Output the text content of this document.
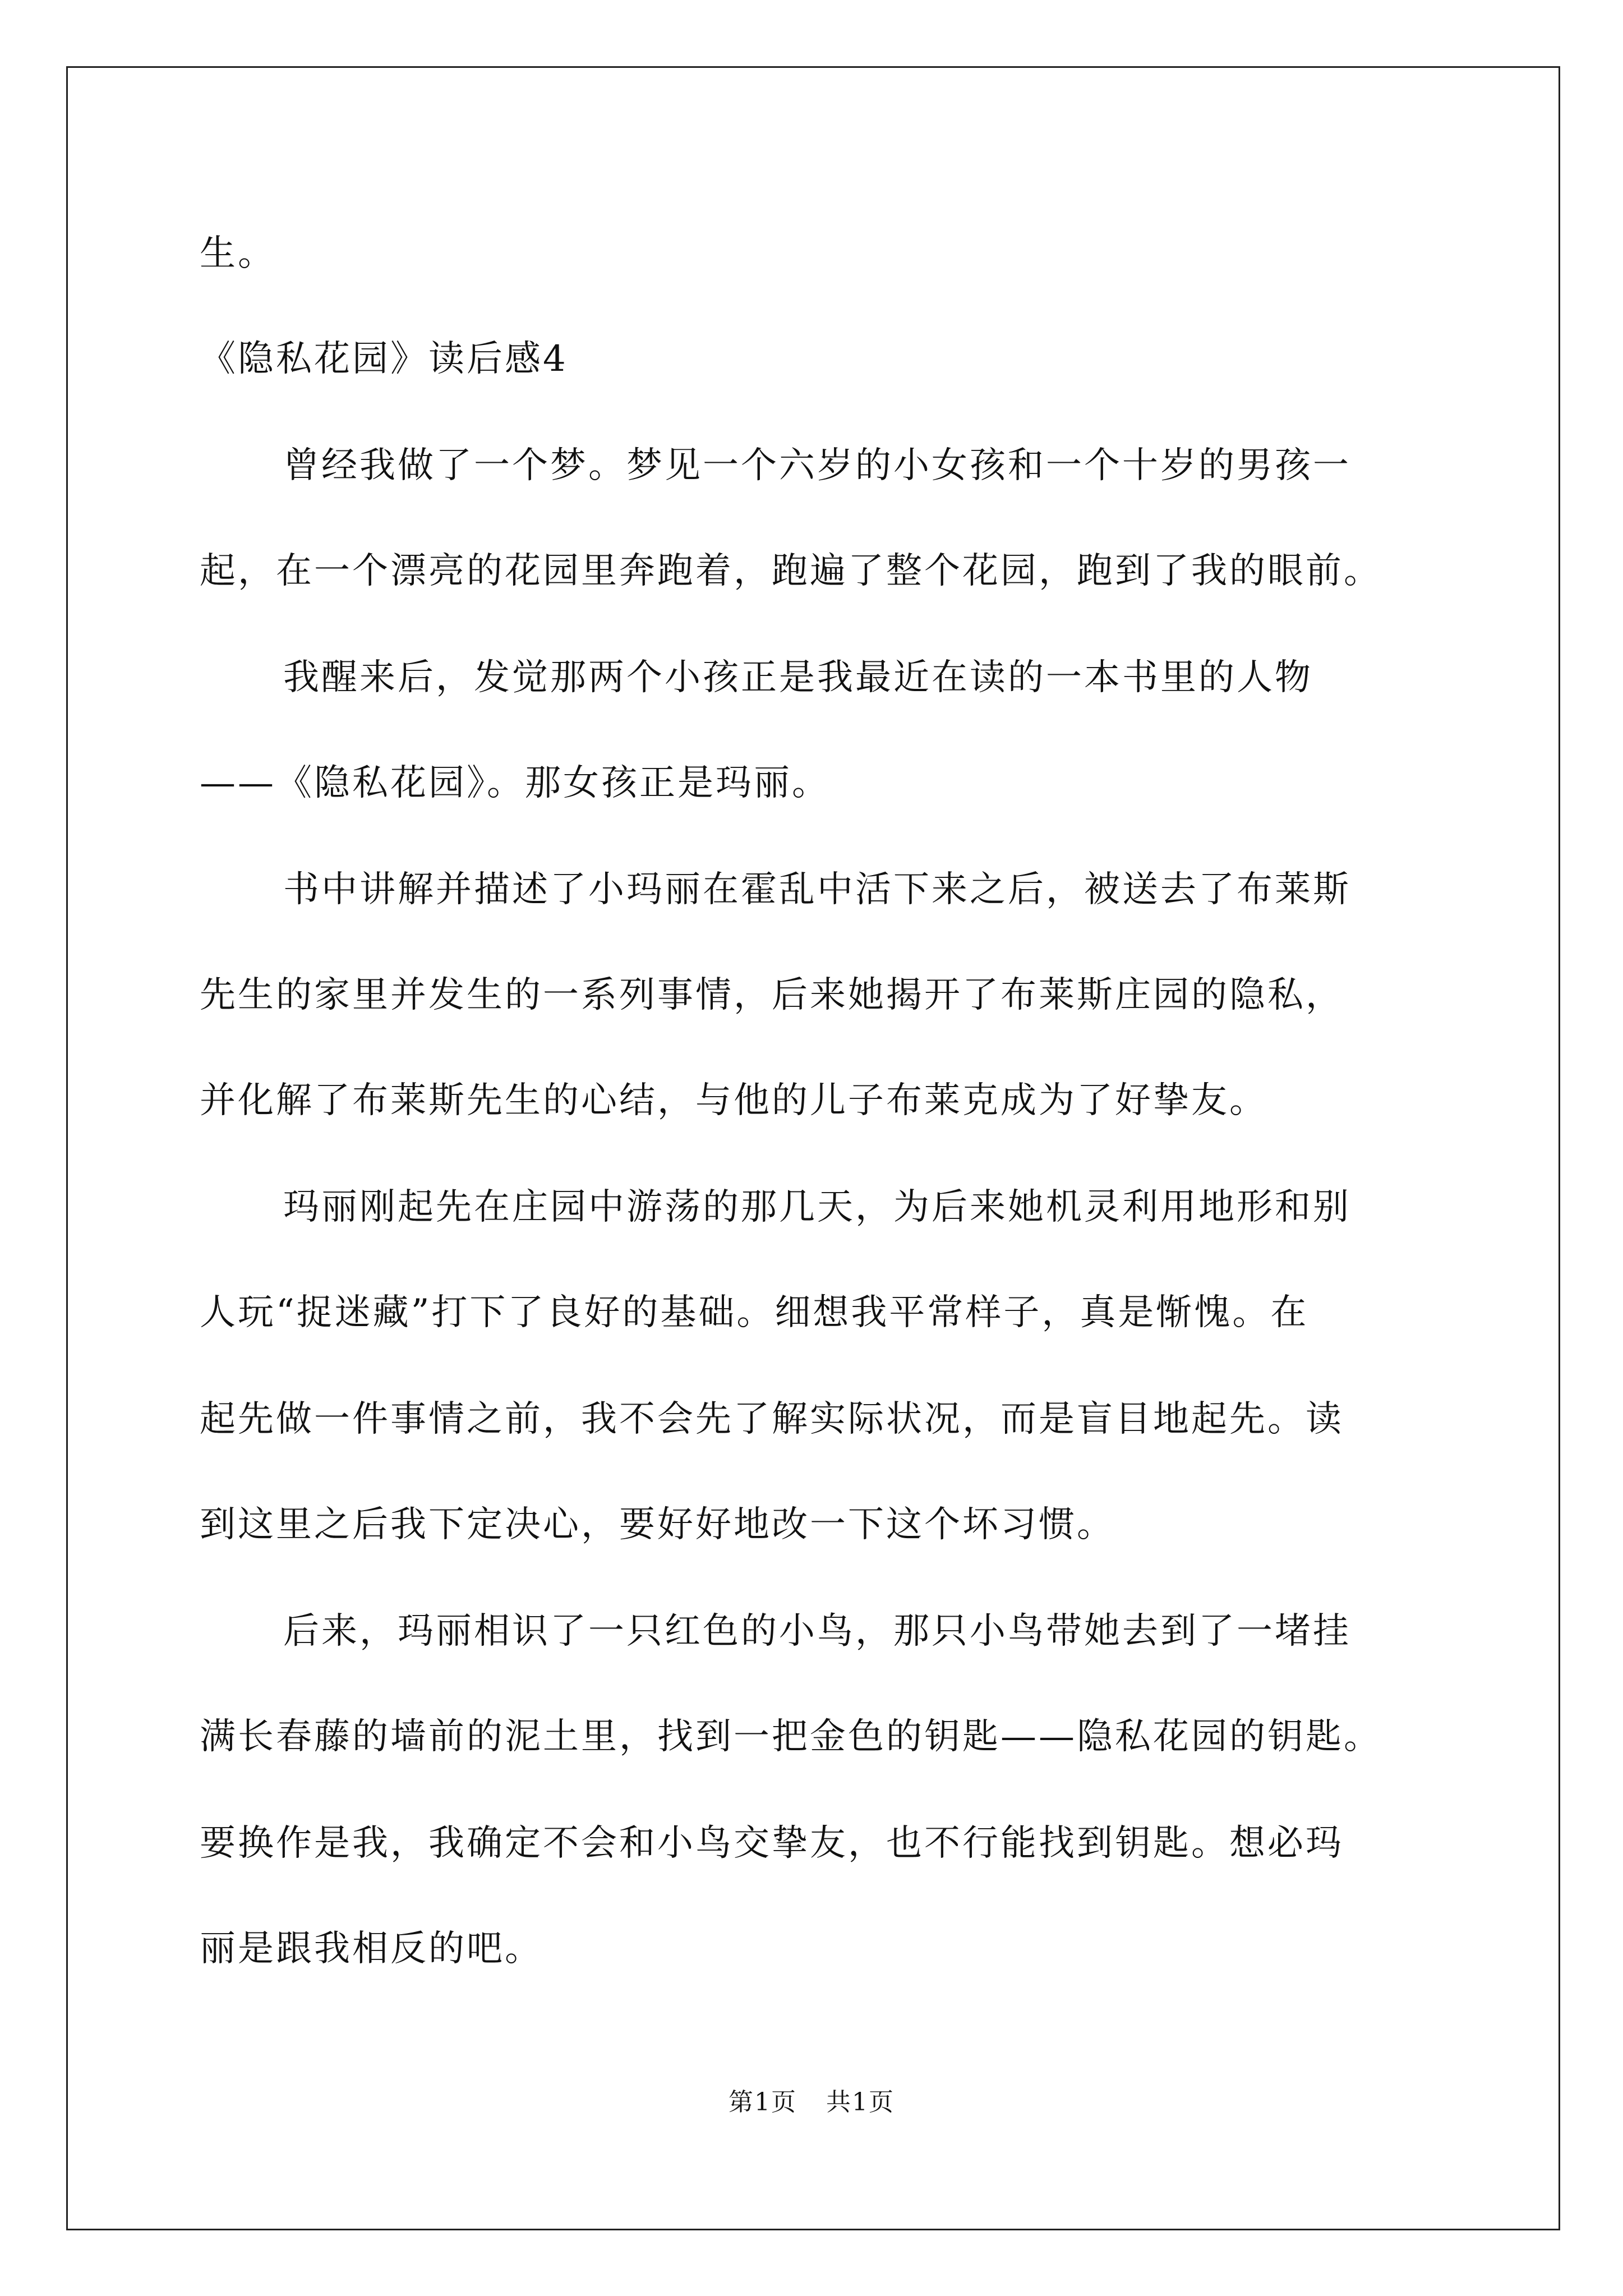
生。
《隐私花园》读后感4
曾经我做了一个梦。梦见一个六岁的小女孩和一个十岁的男孩一
起，在一个漂亮的花园里奔跑着，跑遍了整个花园，跑到了我的眼前。
我醒来后，发觉那两个小孩正是我最近在读的一本书里的人物
——《隐私花园》。那女孩正是玛丽。
书中讲解并描述了小玛丽在霍乱中活下来之后，被送去了布莱斯
先生的家里并发生的一系列事情，后来她揭开了布莱斯庄园的隐私，
并化解了布莱斯先生的心结，与他的儿子布莱克成为了好挚友。
玛丽刚起先在庄园中游荡的那几天，为后来她机灵利用地形和别
人玩“捉迷藏”打下了良好的基础。细想我平常样子，真是惭愧。在
起先做一件事情之前，我不会先了解实际状况，而是盲目地起先。读
到这里之后我下定决心，要好好地改一下这个坏习惯。
后来，玛丽相识了一只红色的小鸟，那只小鸟带她去到了一堵挂
满长春藤的墙前的泥土里，找到一把金色的钥匙——隐私花园的钥匙。
要换作是我，我确定不会和小鸟交挚友，也不行能找到钥匙。想必玛
丽是跟我相反的吧。
第1页 共1页
